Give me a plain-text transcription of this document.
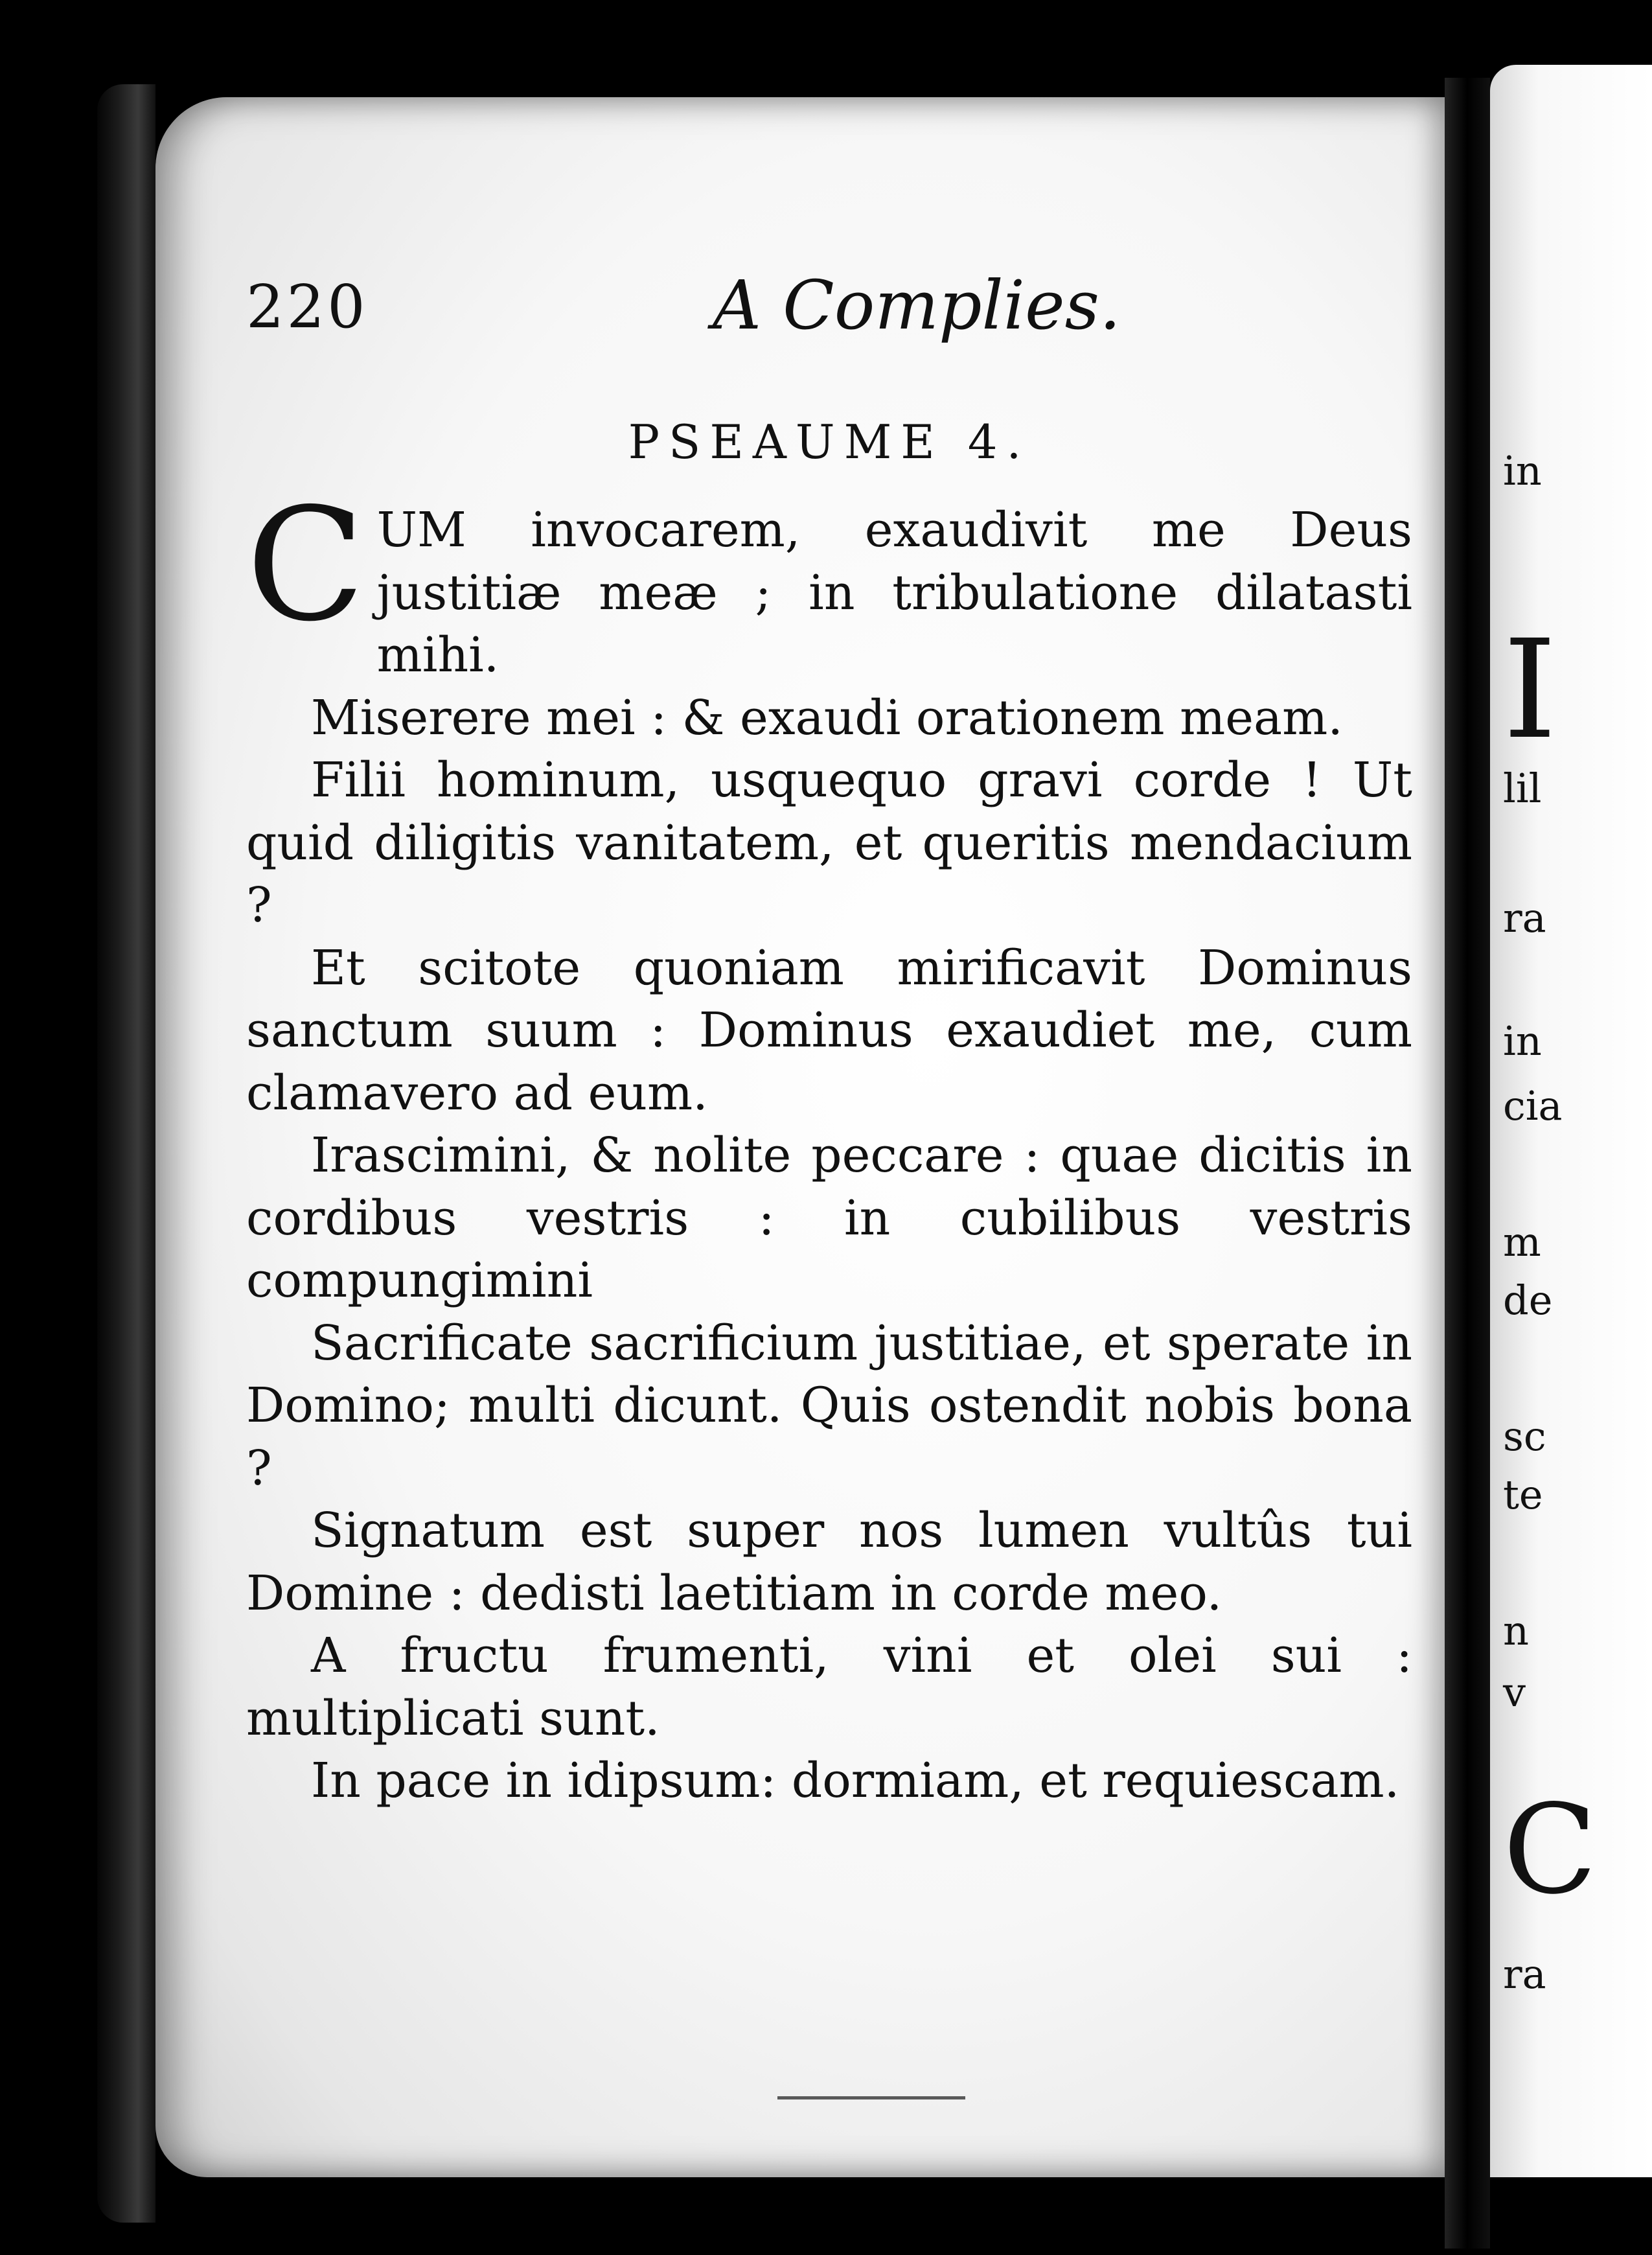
220	A Complies.
PSEAUME 4.

C UM invocarem, exaudivit me Deus justitiæ meæ ; in tribulatione dilatasti mihi.

Miserere mei : & exaudi orationem meam.

Filii hominum, usquequo gravi corde ! Ut quid diligitis vanitatem, et queritis mendacium ?

Et scitote quoniam mirificavit Dominus sanctum suum : Dominus exaudiet me, cum clamavero ad eum.

Irascimini, & nolite peccare : quae dicitis in cordibus vestris : in cubilibus vestris compungimini

Sacrificate sacrificium justitiae, et sperate in Domino; multi dicunt. Quis ostendit nobis bona ?

Signatum est super nos lumen vultûs tui Domine : dedisti laetitiam in corde meo.

A fructu frumenti, vini et olei sui : multiplicati sunt.

In pace in idipsum: dormiam, et requiescam.

in
I
lil
ra
in
cia
m
de
sc
te
n
v
C
ra
